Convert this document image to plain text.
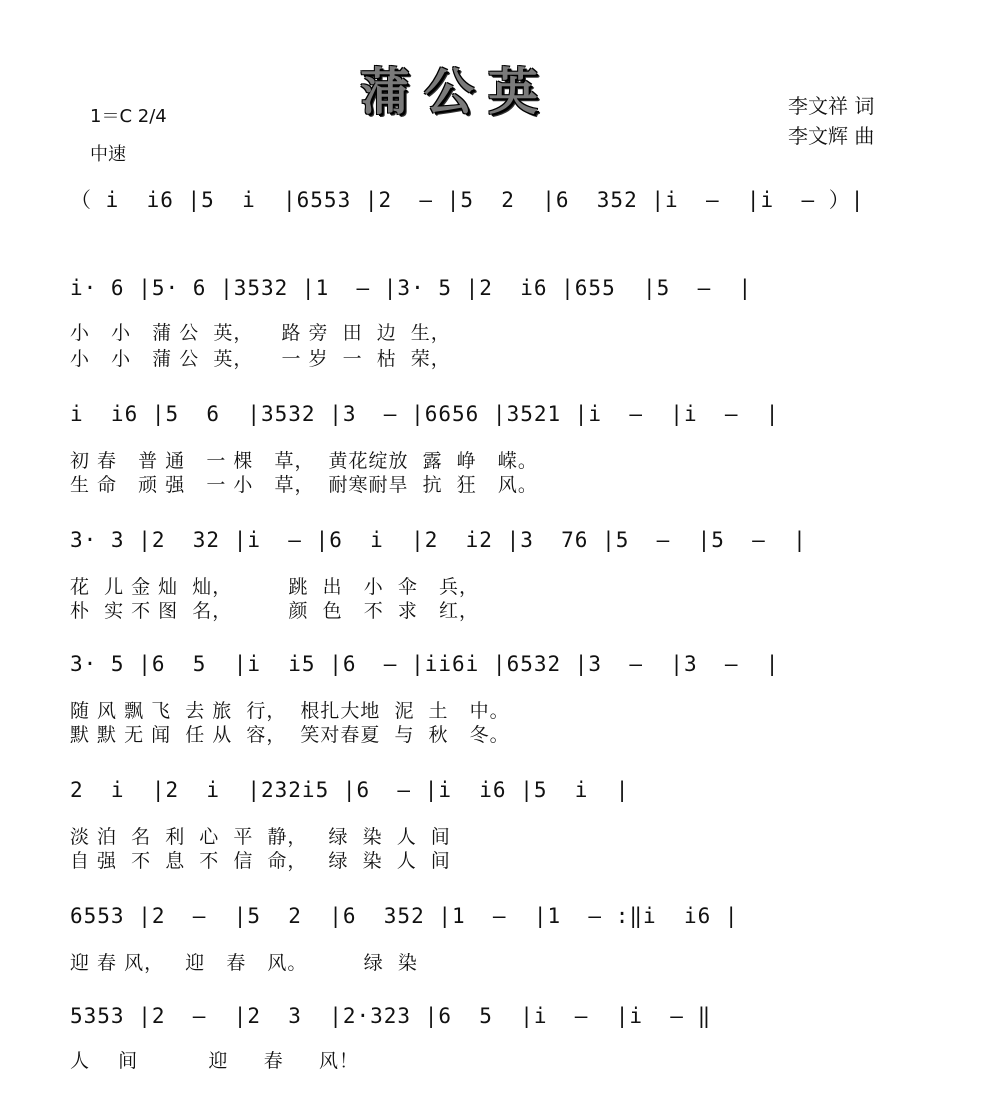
蒲公英	李文祥 词
李文辉 曲
1＝C 2/4
中速
（ i  i6 |5  i  |6553 |2  — |5  2  |6  352 |i  —  |i  — ）|
i· 6 |5· 6 |3532 |1  — |3· 5 |2  i6 |655  |5  —  |
小   小   蒲 公  英，    路 旁  田  边  生，
小   小   蒲 公  英，    一 岁  一  枯  荣，
i  i6 |5  6  |3532 |3  — |6656 |3521 |i  —  |i  —  |
初 春   普 通   一 棵   草，  黄花绽放  露  峥   嵘。
生 命   顽 强   一 小   草，  耐寒耐旱  抗  狂   风。
3· 3 |2  32 |i  — |6  i  |2  i2 |3  76 |5  —  |5  —  |
花  儿 金 灿  灿，        跳  出   小  伞   兵，
朴  实 不 图  名，        颜  色   不  求   红，
3· 5 |6  5  |i  i5 |6  — |ii6i |6532 |3  —  |3  —  |
随 风 飘 飞  去 旅  行，  根扎大地  泥  土   中。
默 默 无 闻  任 从  容，  笑对春夏  与  秋   冬。
2  i  |2  i  |232i5 |6  — |i  i6 |5  i  |
淡 泊  名  利  心  平  静，   绿  染  人  间
自 强  不  息  不  信  命，   绿  染  人  间
6553 |2  —  |5  2  |6  352 |1  —  |1  — :‖i  i6 |
迎 春 风，   迎   春   风。        绿  染
5353 |2  —  |2  3  |2·323 |6  5  |i  —  |i  — ‖
人    间          迎     春     风！
